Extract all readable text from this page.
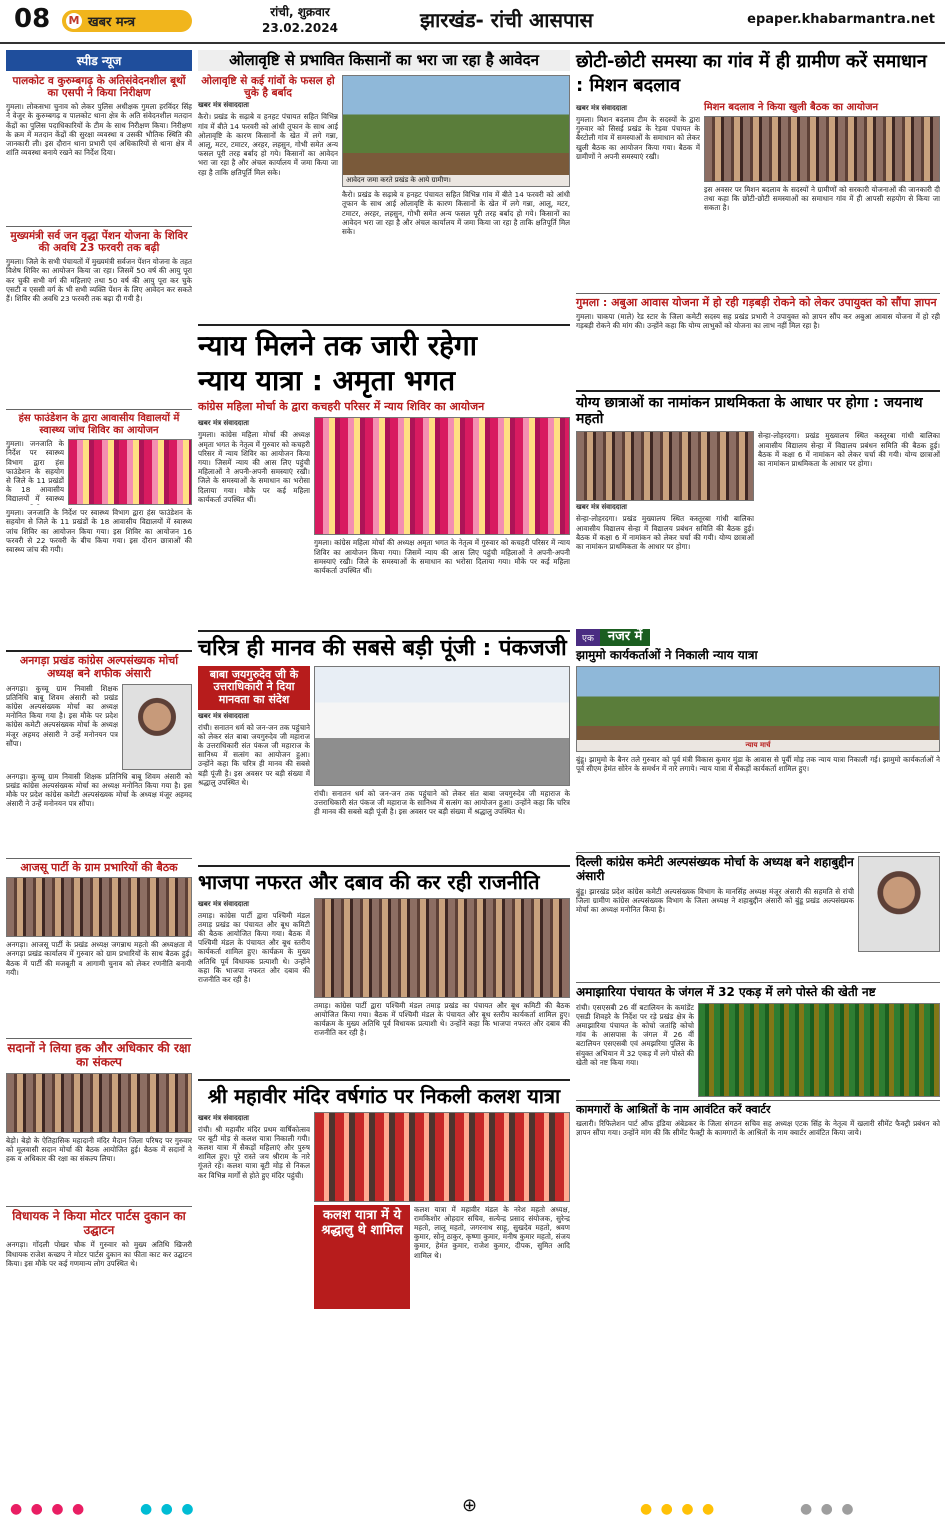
08 M खबर मन्त्र
रांची, शुक्रवार
23.02.2024	झारखंड- रांची आसपास	epaper.khabarmantra.net
स्पीड न्यूज
पालकोट व कुरुम्बगढ़ के अतिसंवेदनशील बूथों का एसपी ने किया निरीक्षण
गुमला। लोकसभा चुनाव को लेकर पुलिस अधीक्षक गुमला हरविंदर सिंह ने वेजुर के कुरुम्बगढ़ व पालकोट थाना क्षेत्र के अति संवेदनशील मतदान केंद्रों का पुलिस पदाधिकारियों के टीम के साथ निरीक्षण किया। निरीक्षण के क्रम में मतदान केंद्रों की सुरक्षा व्यवस्था व उसकी भौतिक स्थिति की जानकारी ली। इस दौरान थाना प्रभारी एवं अधिकारियों से थाना क्षेत्र में शांति व्यवस्था बनाये रखने का निर्देश दिया।
मुख्यमंत्री सर्व जन वृद्धा पेंशन योजना के शिविर की अवधि 23 फरवरी तक बढ़ी
गुमला। जिले के सभी पंचायतों में मुख्यमंत्री सर्वजन पेंशन योजना के तहत विशेष शिविर का आयोजन किया जा रहा। जिसमें 50 वर्ष की आयु पूरा कर चुकी सभी वर्ग की महिलाएं तथा 50 वर्ष की आयु पूरा कर चुके एसटी व एससी वर्ग के भी सभी व्यक्ति पेंशन के लिए आवेदन कर सकते हैं। शिविर की अवधि 23 फरवरी तक बढ़ा दी गयी है।
हंस फाउंडेशन के द्वारा आवासीय विद्यालयों में स्वास्थ्य जांच शिविर का आयोजन
गुमला। जनजाति के निर्देश पर स्वास्थ्य विभाग द्वारा हंस फाउंडेशन के सहयोग से जिले के 11 प्रखंडों के 18 आवासीय विद्यालयों में स्वास्थ्य
गुमला। जनजाति के निर्देश पर स्वास्थ्य विभाग द्वारा हंस फाउंडेशन के सहयोग से जिले के 11 प्रखंडों के 18 आवासीय विद्यालयों में स्वास्थ्य जांच शिविर का आयोजन किया गया। इस शिविर का आयोजन 16 फरवरी से 22 फरवरी के बीच किया गया। इस दौरान छात्राओं की स्वास्थ्य जांच की गयी।
अनगड़ा प्रखंड कांग्रेस अल्पसंख्यक मोर्चा अध्यक्ष बने शफीक अंसारी
अनगड़ा। कुच्चू ग्राम निवासी शिक्षक प्रतिनिधि बाबू शिवम अंसारी को प्रखंड कांग्रेस अल्पसंख्यक मोर्चा का अध्यक्ष मनोनित किया गया है। इस मौके पर प्रदेश कांग्रेस कमेटी अल्पसंख्यक मोर्चा के अध्यक्ष मंजूर अहमद अंसारी ने उन्हें मनोनयन पत्र सौंपा।
अनगड़ा। कुच्चू ग्राम निवासी शिक्षक प्रतिनिधि बाबू शिवम अंसारी को प्रखंड कांग्रेस अल्पसंख्यक मोर्चा का अध्यक्ष मनोनित किया गया है। इस मौके पर प्रदेश कांग्रेस कमेटी अल्पसंख्यक मोर्चा के अध्यक्ष मंजूर अहमद अंसारी ने उन्हें मनोनयन पत्र सौंपा।
आजसू पार्टी के ग्राम प्रभारियों की बैठक
अनगड़ा। आजसू पार्टी के प्रखंड अध्यक्ष जगन्नाथ महतो की अध्यक्षता में अनगड़ा प्रखंड कार्यालय में गुरुवार को ग्राम प्रभारियों के साथ बैठक हुई। बैठक में पार्टी की मजबूती व आगामी चुनाव को लेकर रणनीति बनायी गयी।
सदानों ने लिया हक और अधिकार की रक्षा का संकल्प
बेड़ो। बेड़ो के ऐतिहासिक महादानी मंदिर मैदान जिला परिषद पर गुरुवार को मूलवासी सदान मोर्चा की बैठक आयोजित हुई। बैठक में सदानों ने हक व अधिकार की रक्षा का संकल्प लिया।
विधायक ने किया मोटर पार्टस दुकान का उद्घाटन
अनगड़ा। गोंदली पोखर चौक में गुरुवार को मुख्य अतिथि खिजरी विधायक राजेश कच्छप ने मोटर पार्टस दुकान का फीता काट कर उद्घाटन किया। इस मौके पर कई गणमान्य लोग उपस्थित थे।
ओलावृष्टि से प्रभावित किसानों का भरा जा रहा है आवेदन
ओलावृष्टि से कई गांवों के फसल हो चुके है बर्बाद
खबर मंत्र संवाददाता
कैरो। प्रखंड के सढ़ाबे व हनहट पंचायत सहित विभिन्न गांव में बीते 14 फरवरी को आंधी तूफान के साथ आई ओलावृष्टि के कारण किसानों के खेत में लगे गन्ना, आलू, मटर, टमाटर, अरहर, लहसुन, गोभी समेत अन्य फसल पूरी तरह बर्बाद हो गये। किसानों का आवेदन भरा जा रहा है और अंचल कार्यालय में जमा किया जा रहा है ताकि क्षतिपूर्ति मिल सके।
आवेदन जमा करते प्रखंड के आये ग्रामीण।
कैरो। प्रखंड के सढ़ाबे व हनहट पंचायत सहित विभिन्न गांव में बीते 14 फरवरी को आंधी तूफान के साथ आई ओलावृष्टि के कारण किसानों के खेत में लगे गन्ना, आलू, मटर, टमाटर, अरहर, लहसुन, गोभी समेत अन्य फसल पूरी तरह बर्बाद हो गये। किसानों का आवेदन भरा जा रहा है और अंचल कार्यालय में जमा किया जा रहा है ताकि क्षतिपूर्ति मिल सके।
न्याय मिलने तक जारी रहेगा
न्याय यात्रा : अमृता भगत
कांग्रेस महिला मोर्चा के द्वारा कचहरी परिसर में न्याय शिविर का आयोजन
खबर मंत्र संवाददाता
गुमला। कांग्रेस महिला मोर्चा की अध्यक्ष अमृता भगत के नेतृत्व में गुरुवार को कचहरी परिसर में न्याय शिविर का आयोजन किया गया। जिसमें न्याय की आस लिए पहुंची महिलाओं ने अपनी-अपनी समस्याएं रखी। जिले के समस्याओं के समाधान का भरोसा दिलाया गया। मौके पर कई महिला कार्यकर्ता उपस्थित थीं।
गुमला। कांग्रेस महिला मोर्चा की अध्यक्ष अमृता भगत के नेतृत्व में गुरुवार को कचहरी परिसर में न्याय शिविर का आयोजन किया गया। जिसमें न्याय की आस लिए पहुंची महिलाओं ने अपनी-अपनी समस्याएं रखी। जिले के समस्याओं के समाधान का भरोसा दिलाया गया। मौके पर कई महिला कार्यकर्ता उपस्थित थीं।
चरित्र ही मानव की सबसे बड़ी पूंजी : पंकजजी
बाबा जयगुरुदेव जी के उत्तराधिकारी ने दिया मानवता का संदेश
खबर मंत्र संवाददाता
रांची। सनातन धर्म को जन-जन तक पहुंचाने को लेकर संत बाबा जयगुरुदेव जी महाराज के उत्तराधिकारी संत पंकज जी महाराज के सानिध्य में सत्संग का आयोजन हुआ। उन्होंने कहा कि चरित्र ही मानव की सबसे बड़ी पूंजी है। इस अवसर पर बड़ी संख्या में श्रद्धालु उपस्थित थे।
रांची। सनातन धर्म को जन-जन तक पहुंचाने को लेकर संत बाबा जयगुरुदेव जी महाराज के उत्तराधिकारी संत पंकज जी महाराज के सानिध्य में सत्संग का आयोजन हुआ। उन्होंने कहा कि चरित्र ही मानव की सबसे बड़ी पूंजी है। इस अवसर पर बड़ी संख्या में श्रद्धालु उपस्थित थे।
भाजपा नफरत और दबाव की कर रही राजनीति
खबर मंत्र संवाददाता
तमाड़। कांग्रेस पार्टी द्वारा पश्चिमी मंडल तमाड़ प्रखंड का पंचायत और बूथ कमिटी की बैठक आयोजित किया गया। बैठक में पश्चिमी मंडल के पंचायत और बूथ स्तरीय कार्यकर्ता शामिल हुए। कार्यक्रम के मुख्य अतिथि पूर्व विधायक प्रत्याशी थे। उन्होंने कहा कि भाजपा नफरत और दबाव की राजनीति कर रही है।
तमाड़। कांग्रेस पार्टी द्वारा पश्चिमी मंडल तमाड़ प्रखंड का पंचायत और बूथ कमिटी की बैठक आयोजित किया गया। बैठक में पश्चिमी मंडल के पंचायत और बूथ स्तरीय कार्यकर्ता शामिल हुए। कार्यक्रम के मुख्य अतिथि पूर्व विधायक प्रत्याशी थे। उन्होंने कहा कि भाजपा नफरत और दबाव की राजनीति कर रही है।
श्री महावीर मंदिर वर्षगांठ पर निकली कलश यात्रा
खबर मंत्र संवाददाता
रांची। श्री महावीर मंदिर प्रथम वार्षिकोत्सव पर बूटी मोड़ से कलश यात्रा निकाली गयी। कलश यात्रा में सैकड़ों महिलाएं और पुरुष शामिल हुए। पूरे रास्ते जय श्रीराम के नारे गूंजते रहे। कलश यात्रा बूटी मोड़ से निकल कर विभिन्न मार्गों से होते हुए मंदिर पहुंची।
कलश यात्रा में ये श्रद्धालु थे शामिल
कलश यात्रा में महावीर मंडल के नरेश महतो अध्यक्ष, रामकिशोर ओहदार सचिव, सत्येन्द्र प्रसाद संयोजक, सुरेन्द्र महतो, लालू महतो, जगरनाथ साहू, सुखदेव महतो, श्रवण कुमार, सोनू ठाकुर, कृष्णा कुमार, मनीष कुमार महतो, संजय कुमार, हेमंत कुमार, राजेश कुमार, दीपक, सुमित आदि शामिल थे।
छोटी-छोटी समस्या का गांव में ही ग्रामीण करें समाधान : मिशन बदलाव
खबर मंत्र संवाददाता
गुमला। मिशन बदलाव टीम के सदस्यों के द्वारा गुरुवार को सिसई प्रखंड के रेड़वा पंचायत के बैरटोली गांव में समस्याओं के समाधान को लेकर खुली बैठक का आयोजन किया गया। बैठक में ग्रामीणों ने अपनी समस्याएं रखी।
मिशन बदलाव ने किया खुली बैठक का आयोजन
इस अवसर पर मिशन बदलाव के सदस्यों ने ग्रामीणों को सरकारी योजनाओं की जानकारी दी तथा कहा कि छोटी-छोटी समस्याओं का समाधान गांव में ही आपसी सहयोग से किया जा सकता है।
गुमला : अबुआ आवास योजना में हो रही गड़बड़ी रोकने को लेकर उपायुक्त को सौंपा ज्ञापन
गुमला। चाकपा (माले) रेड स्टार के जिला कमेटी सदस्य सह प्रखंड प्रभारी ने उपायुक्त को ज्ञापन सौंप कर अबुआ आवास योजना में हो रही गड़बड़ी रोकने की मांग की। उन्होंने कहा कि योग्य लाभुकों को योजना का लाभ नहीं मिल रहा है।
योग्य छात्राओं का नामांकन प्राथमिकता के आधार पर होगा : जयनाथ महतो
खबर मंत्र संवाददाता
सेन्हा-लोहरदगा। प्रखंड मुख्यालय स्थित कस्तूरबा गांधी बालिका आवासीय विद्यालय सेन्हा में विद्यालय प्रबंधन समिति की बैठक हुई। बैठक में कक्षा 6 में नामांकन को लेकर चर्चा की गयी। योग्य छात्राओं का नामांकन प्राथमिकता के आधार पर होगा।
सेन्हा-लोहरदगा। प्रखंड मुख्यालय स्थित कस्तूरबा गांधी बालिका आवासीय विद्यालय सेन्हा में विद्यालय प्रबंधन समिति की बैठक हुई। बैठक में कक्षा 6 में नामांकन को लेकर चर्चा की गयी। योग्य छात्राओं का नामांकन प्राथमिकता के आधार पर होगा।
एक	नजर में
झामुमो कार्यकर्ताओं ने निकाली न्याय यात्रा
न्याय मार्च
बुंडू। झामुमो के बैनर तले गुरुवार को पूर्व मंत्री विकास कुमार मुंडा के आवास से पूर्वी मोड़ तक न्याय यात्रा निकाली गई। झामुमो कार्यकर्ताओं ने पूर्व सीएम हेमंत सोरेन के समर्थन में नारे लगाये। न्याय यात्रा में सैकड़ों कार्यकर्ता शामिल हुए।
दिल्ली कांग्रेस कमेटी अल्पसंख्यक मोर्चा के अध्यक्ष बने शहाबुद्दीन अंसारी
बुंडू। झारखंड प्रदेश कांग्रेस कमेटी अल्पसंख्यक विभाग के मानसिंह अध्यक्ष मंजूर अंसारी की सहमति से रांची जिला ग्रामीण कांग्रेस अल्पसंख्यक विभाग के जिला अध्यक्ष ने शहाबुद्दीन अंसारी को बुंडू प्रखंड अल्पसंख्यक मोर्चा का अध्यक्ष मनोनित किया है।
अमाझारिया पंचायत के जंगल में 32 एकड़ में लगे पोस्ते की खेती नष्ट
रांची। एसएसबी 26 वीं बटालियन के कमांडेंट एसडी शिवहरे के निर्देश पर रड़े प्रखंड क्षेत्र के अमाझारिया पंचायत के कोचो जतांहि कोचो गांव के आसपास के जंगल में 26 वीं बटालियन एसएसबी एवं अमझरिया पुलिस के संयुक्त अभियान में 32 एकड़ में लगे पोस्ते की खेती को नष्ट किया गया।
कामगारों के आश्रितों के नाम आवंटित करें क्वार्टर
खलारी। रिफिलेशन पार्ट ऑफ इंडिया अंबेडकर के जिला संगठन सचिव सह अध्यक्ष एटक सिंह के नेतृत्व में खलारी सीमेंट फैक्ट्री प्रबंधन को ज्ञापन सौंपा गया। उन्होंने मांग की कि सीमेंट फैक्ट्री के कामगारों के आश्रितों के नाम क्वार्टर आवंटित किया जाये।
● ● ● ●	● ● ●	⊕	● ● ● ●	● ● ●
